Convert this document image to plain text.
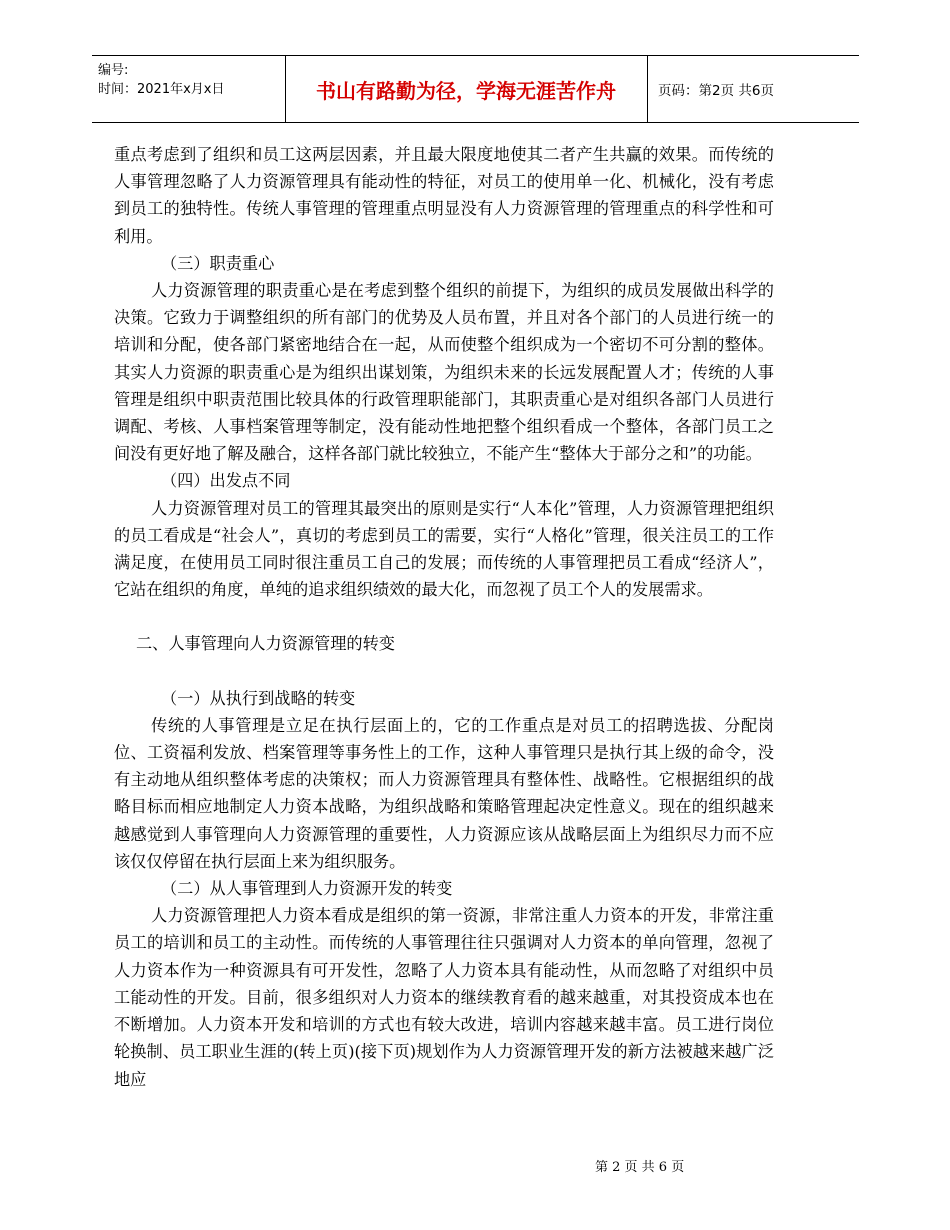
编号:
时间：2021年x月x日	书山有路勤为径，学海无涯苦作舟	页码：第2页 共6页

重点考虑到了组织和员工这两层因素，并且最大限度地使其二者产生共赢的效果。而传统的人事管理忽略了人力资源管理具有能动性的特征，对员工的使用单一化、机械化，没有考虑到员工的独特性。传统人事管理的管理重点明显没有人力资源管理的管理重点的科学性和可利用。

（三）职责重心

人力资源管理的职责重心是在考虑到整个组织的前提下，为组织的成员发展做出科学的决策。它致力于调整组织的所有部门的优势及人员布置，并且对各个部门的人员进行统一的培训和分配，使各部门紧密地结合在一起，从而使整个组织成为一个密切不可分割的整体。其实人力资源的职责重心是为组织出谋划策，为组织未来的长远发展配置人才；传统的人事管理是组织中职责范围比较具体的行政管理职能部门，其职责重心是对组织各部门人员进行调配、考核、人事档案管理等制定，没有能动性地把整个组织看成一个整体，各部门员工之间没有更好地了解及融合，这样各部门就比较独立，不能产生“整体大于部分之和”的功能。

（四）出发点不同

人力资源管理对员工的管理其最突出的原则是实行“人本化”管理，人力资源管理把组织的员工看成是“社会人”，真切的考虑到员工的需要，实行“人格化”管理，很关注员工的工作满足度，在使用员工同时很注重员工自己的发展；而传统的人事管理把员工看成“经济人”，它站在组织的角度，单纯的追求组织绩效的最大化，而忽视了员工个人的发展需求。

二、人事管理向人力资源管理的转变

（一）从执行到战略的转变

传统的人事管理是立足在执行层面上的，它的工作重点是对员工的招聘选拔、分配岗位、工资福利发放、档案管理等事务性上的工作，这种人事管理只是执行其上级的命令，没有主动地从组织整体考虑的决策权；而人力资源管理具有整体性、战略性。它根据组织的战略目标而相应地制定人力资本战略，为组织战略和策略管理起决定性意义。现在的组织越来越感觉到人事管理向人力资源管理的重要性，人力资源应该从战略层面上为组织尽力而不应该仅仅停留在执行层面上来为组织服务。

（二）从人事管理到人力资源开发的转变

人力资源管理把人力资本看成是组织的第一资源，非常注重人力资本的开发，非常注重员工的培训和员工的主动性。而传统的人事管理往往只强调对人力资本的单向管理，忽视了人力资本作为一种资源具有可开发性，忽略了人力资本具有能动性，从而忽略了对组织中员工能动性的开发。目前，很多组织对人力资本的继续教育看的越来越重，对其投资成本也在不断增加。人力资本开发和培训的方式也有较大改进，培训内容越来越丰富。员工进行岗位轮换制、员工职业生涯的(转上页)(接下页)规划作为人力资源管理开发的新方法被越来越广泛地应

第 2 页 共 6 页
